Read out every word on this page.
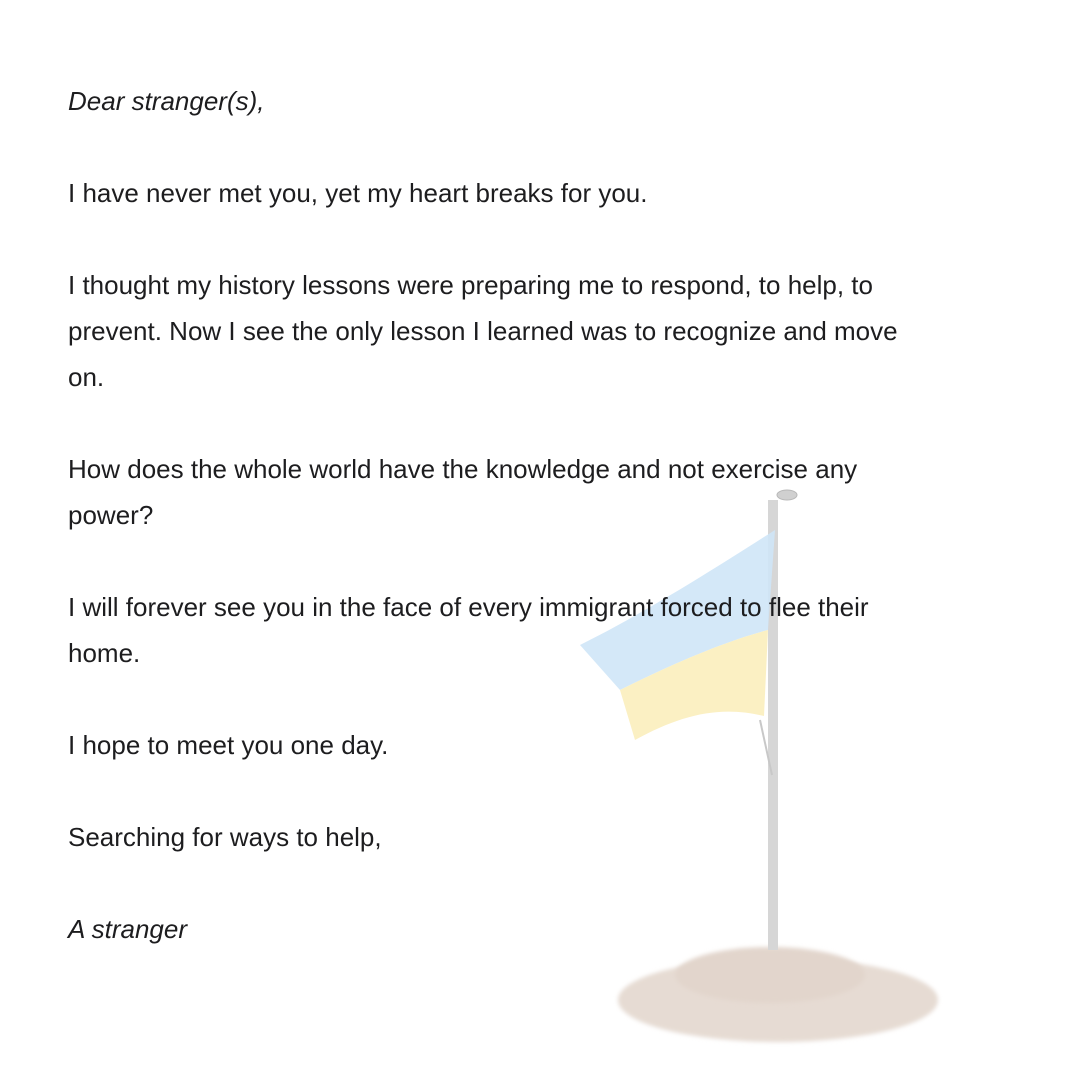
Dear stranger(s),

I have never met you, yet my heart breaks for you.

I thought my history lessons were preparing me to respond, to help, to
prevent. Now I see the only lesson I learned was to recognize and move
on.

How does the whole world have the knowledge and not exercise any
power?

I will forever see you in the face of every immigrant forced to flee their
home.

I hope to meet you one day.

Searching for ways to help,

A stranger
